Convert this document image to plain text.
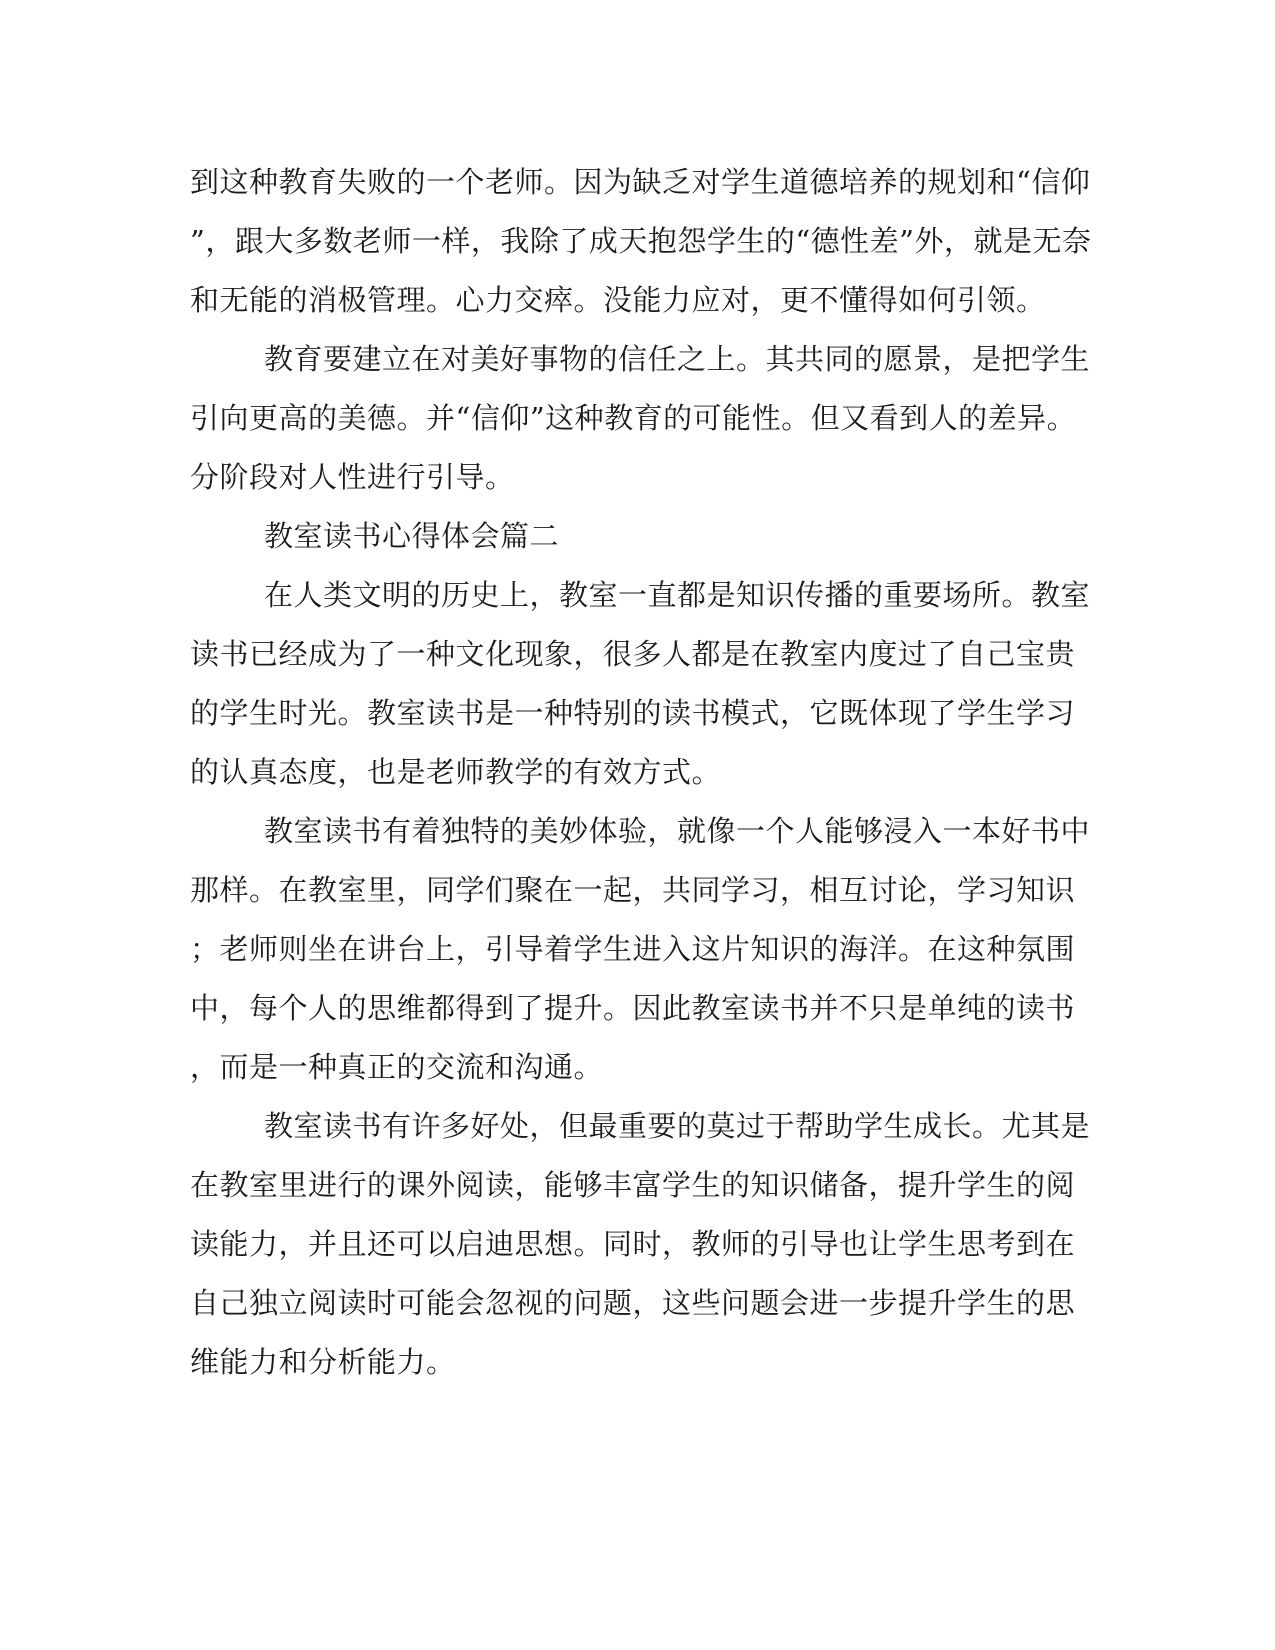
到这种教育失败的一个老师。因为缺乏对学生道德培养的规划和“信仰
”，跟大多数老师一样，我除了成天抱怨学生的“德性差”外，就是无奈
和无能的消极管理。心力交瘁。没能力应对，更不懂得如何引领。
教育要建立在对美好事物的信任之上。其共同的愿景，是把学生
引向更高的美德。并“信仰”这种教育的可能性。但又看到人的差异。
分阶段对人性进行引导。
教室读书心得体会篇二
在人类文明的历史上，教室一直都是知识传播的重要场所。教室
读书已经成为了一种文化现象，很多人都是在教室内度过了自己宝贵
的学生时光。教室读书是一种特别的读书模式，它既体现了学生学习
的认真态度，也是老师教学的有效方式。
教室读书有着独特的美妙体验，就像一个人能够浸入一本好书中
那样。在教室里，同学们聚在一起，共同学习，相互讨论，学习知识
；老师则坐在讲台上，引导着学生进入这片知识的海洋。在这种氛围
中，每个人的思维都得到了提升。因此教室读书并不只是单纯的读书
，而是一种真正的交流和沟通。
教室读书有许多好处，但最重要的莫过于帮助学生成长。尤其是
在教室里进行的课外阅读，能够丰富学生的知识储备，提升学生的阅
读能力，并且还可以启迪思想。同时，教师的引导也让学生思考到在
自己独立阅读时可能会忽视的问题，这些问题会进一步提升学生的思
维能力和分析能力。
